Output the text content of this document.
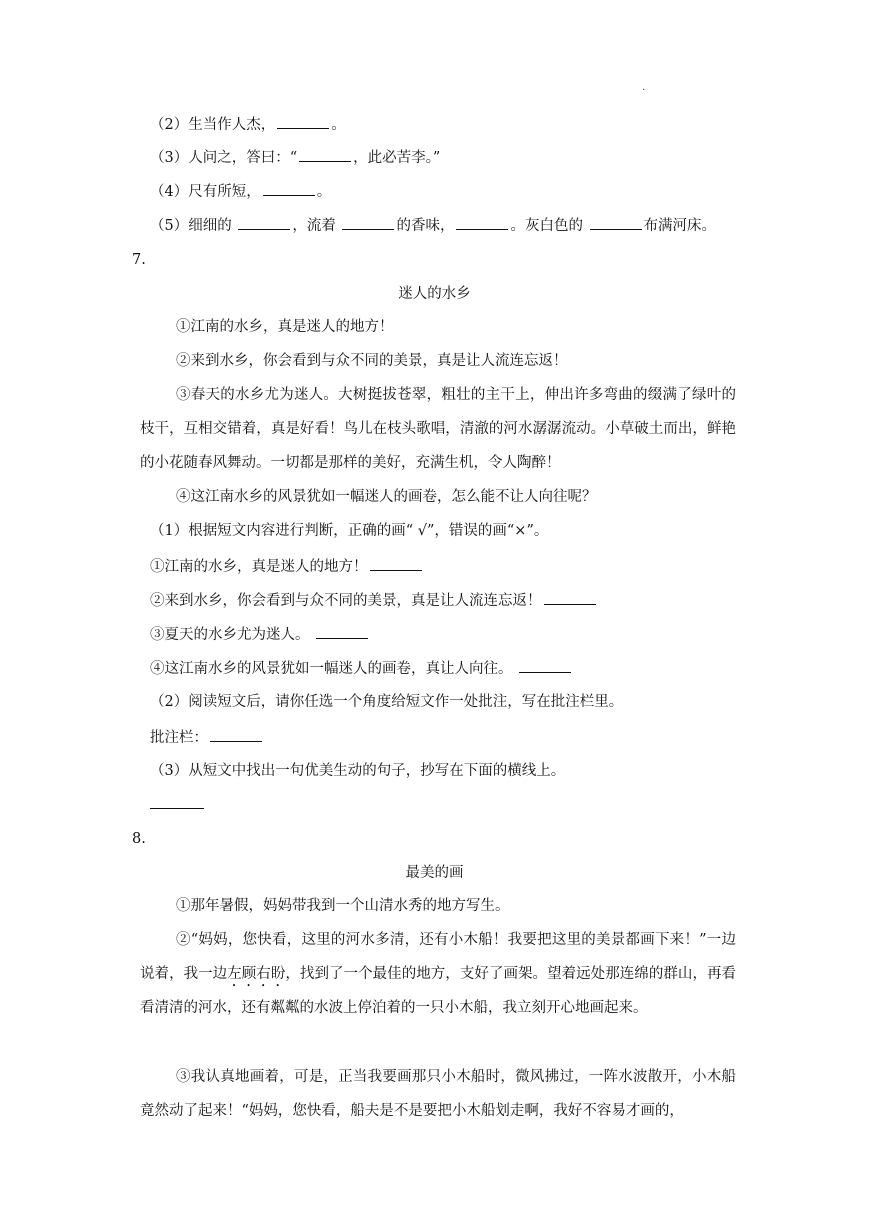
.
（2）生当作人杰，	。
（3）人问之，答曰：“	，此必苦李。”
（4）尺有所短，	。
（5）细细的	，流着	的香味，	。灰白色的	布满河床。
7.
迷人的水乡

①江南的水乡，真是迷人的地方！

②来到水乡，你会看到与众不同的美景，真是让人流连忘返！

③春天的水乡尤为迷人。大树挺拔苍翠，粗壮的主干上，伸出许多弯曲的缀满了绿叶的枝干，互相交错着，真是好看！鸟儿在枝头歌唱，清澈的河水潺潺流动。小草破土而出，鲜艳的小花随春风舞动。一切都是那样的美好，充满生机，令人陶醉！

④这江南水乡的风景犹如一幅迷人的画卷，怎么能不让人向往呢？

（1）根据短文内容进行判断，正确的画“ √”，错误的画“×”。
①江南的水乡，真是迷人的地方！
②来到水乡，你会看到与众不同的美景，真是让人流连忘返！
③夏天的水乡尤为迷人。
④这江南水乡的风景犹如一幅迷人的画卷，真让人向往。
（2）阅读短文后，请你任选一个角度给短文作一处批注，写在批注栏里。
批注栏：
（3）从短文中找出一句优美生动的句子，抄写在下面的横线上。
8.
最美的画

①那年暑假，妈妈带我到一个山清水秀的地方写生。

②“妈妈，您快看，这里的河水多清，还有小木船！我要把这里的美景都画下来！”一边说着，我一边左顾右盼，找到了一个最佳的地方，支好了画架。望着远处那连绵的群山，再看看清清的河水，还有粼粼的水波上停泊着的一只小木船，我立刻开心地画起来。

③我认真地画着，可是，正当我要画那只小木船时，微风拂过，一阵水波散开，小木船竟然动了起来！“妈妈，您快看，船夫是不是要把小木船划走啊，我好不容易才画的，
